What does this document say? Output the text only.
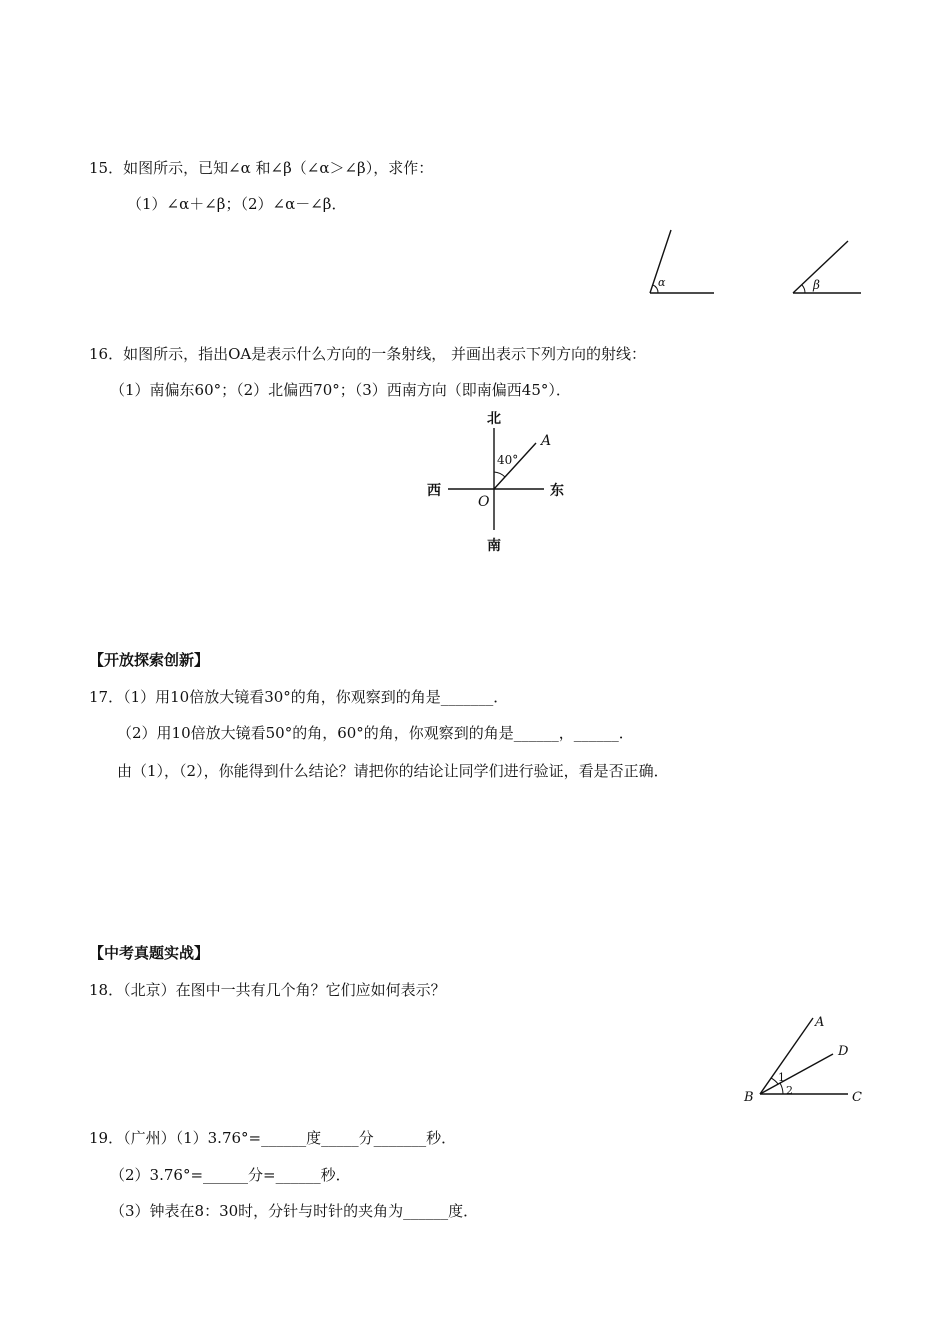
15．如图所示，已知∠α 和∠β（∠α＞∠β），求作：
（1）∠α＋∠β；（2）∠α－∠β．
α	β
16．如图所示，指出OA是表示什么方向的一条射线， 并画出表示下列方向的射线：
（1）南偏东60°；（2）北偏西70°；（3）西南方向（即南偏西45°）．
北
南
东
西
O
A
40°
【开放探索创新】
17．（1）用10倍放大镜看30°的角，你观察到的角是_______．
（2）用10倍放大镜看50°的角，60°的角，你观察到的角是______，______．
由（1），（2），你能得到什么结论？请把你的结论让同学们进行验证，看是否正确．
【中考真题实战】
18．（北京）在图中一共有几个角？它们应如何表示？
A
D
B	C
1
2
19．（广州）（1）3.76°=______度_____分_______秒．
（2）3.76°=______分=______秒．
（3）钟表在8：30时，分针与时针的夹角为______度．
